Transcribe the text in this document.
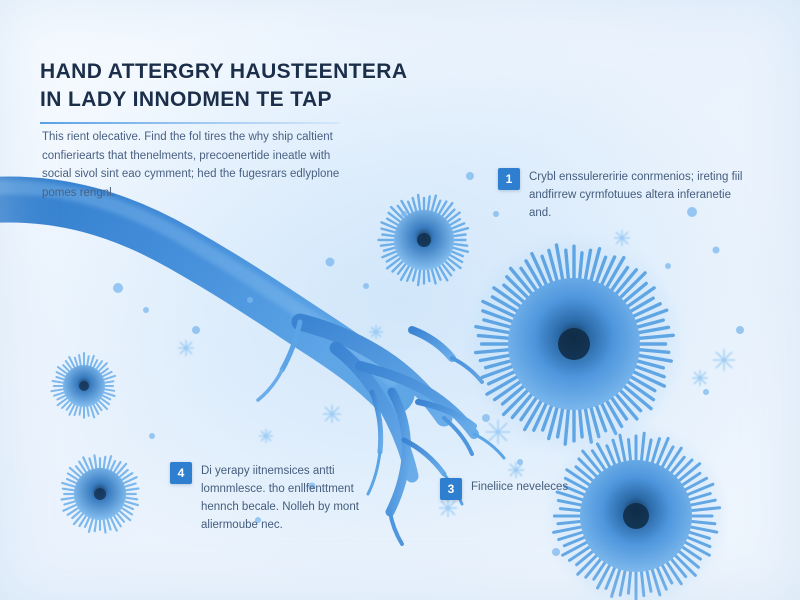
HAND ATTERGRY HAUSTEENTERA
IN LADY INNODMEN TE TAP
This rient olecative. Find the fol tires the why ship caltient confieriearts that thenelments, precoenertide ineatle with social sivol sint eao cymment; hed the fugesrars edlyplone pomes rengnl.
1	Crybl enssulereririe conrmenios; ireting fiil andfirrew cyrmfotuues altera inferanetie and.
4	Di yerapy iitnemsices antti lomnmlesce. tho enllfenttment hennch becale. Nolleh by mont aliermoube nec.
3	Fineliice neveleces
